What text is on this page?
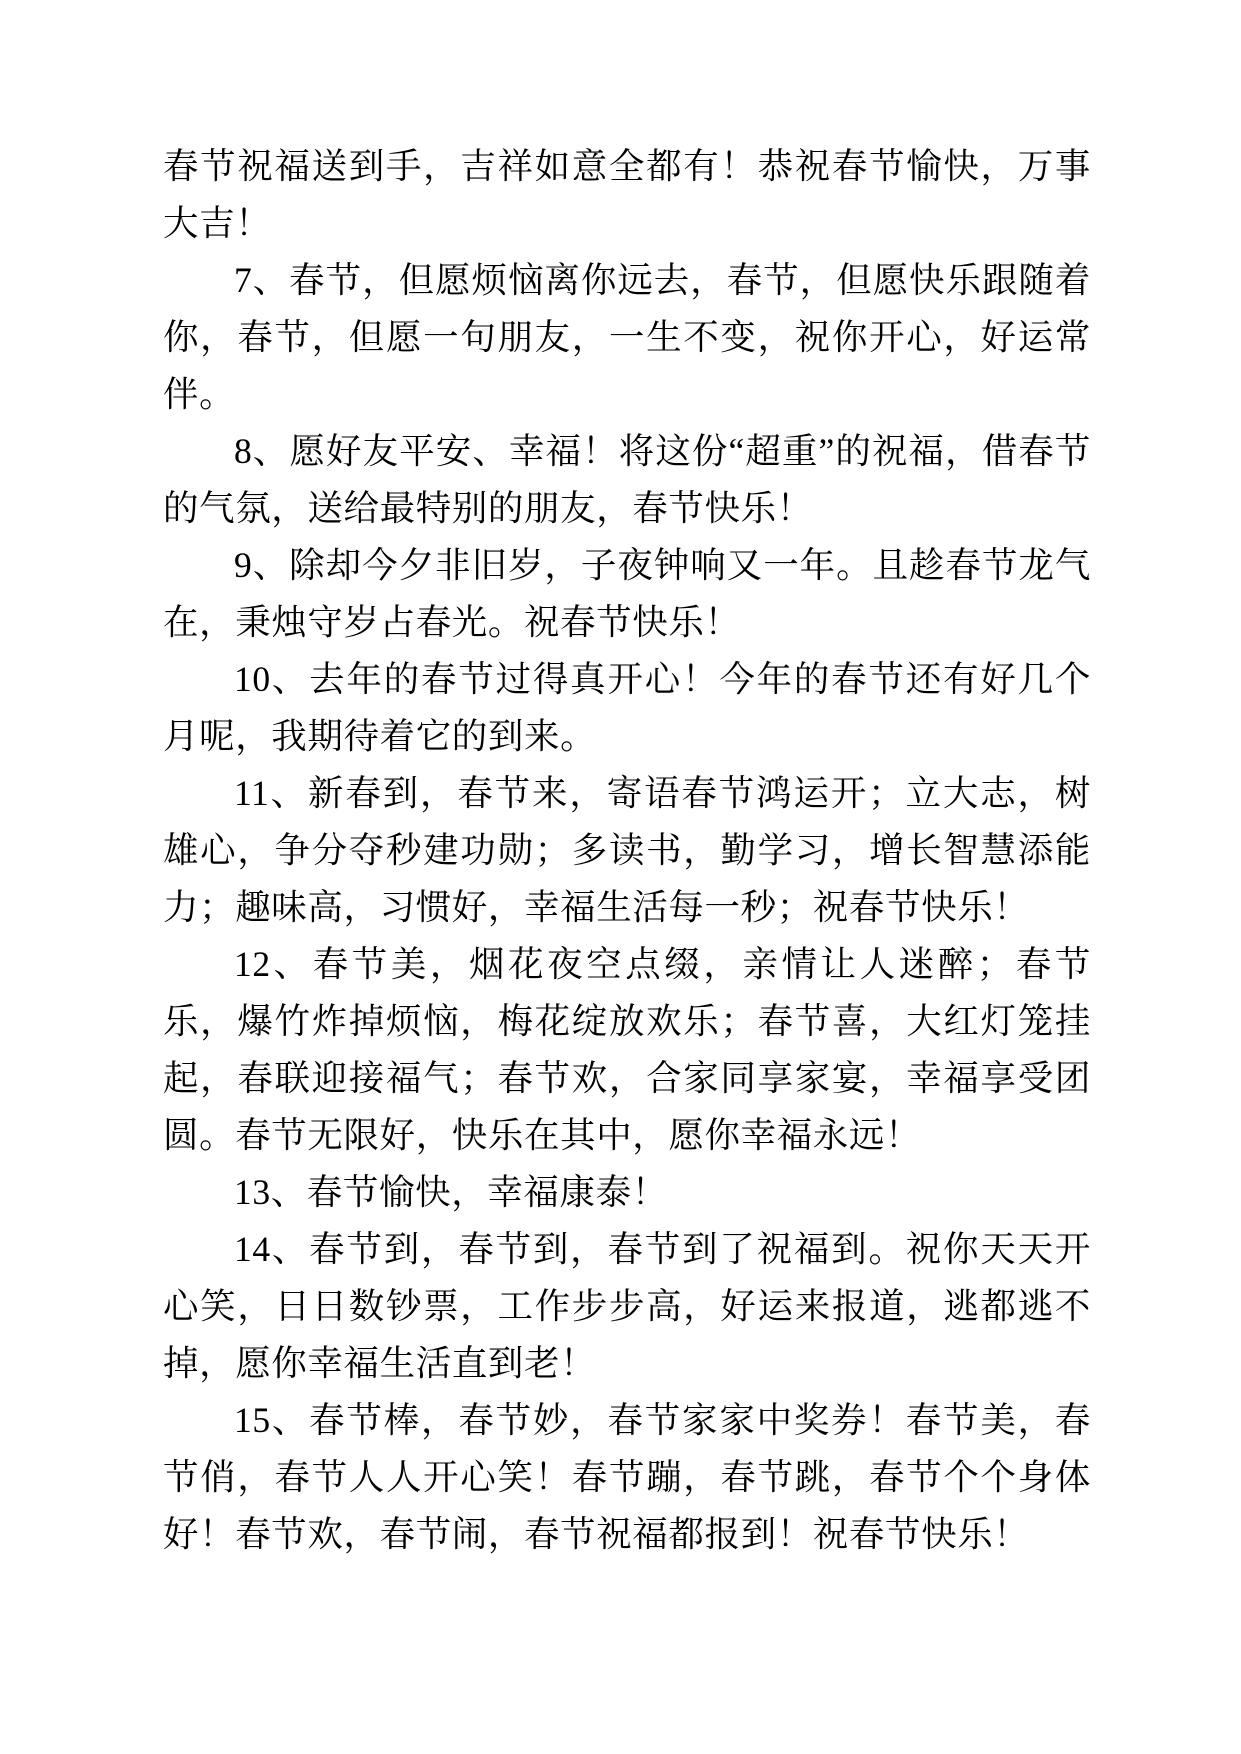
春节祝福送到手，吉祥如意全都有！恭祝春节愉快，万事大吉！

7、春节，但愿烦恼离你远去，春节，但愿快乐跟随着你，春节，但愿一句朋友，一生不变，祝你开心，好运常伴。

8、愿好友平安、幸福！将这份“超重”的祝福，借春节的气氛，送给最特别的朋友，春节快乐！

9、除却今夕非旧岁，子夜钟响又一年。且趁春节龙气在，秉烛守岁占春光。祝春节快乐！

10、去年的春节过得真开心！今年的春节还有好几个月呢，我期待着它的到来。

11、新春到，春节来，寄语春节鸿运开；立大志，树雄心，争分夺秒建功勋；多读书，勤学习，增长智慧添能力；趣味高，习惯好，幸福生活每一秒；祝春节快乐！

12、春节美，烟花夜空点缀，亲情让人迷醉；春节乐，爆竹炸掉烦恼，梅花绽放欢乐；春节喜，大红灯笼挂起，春联迎接福气；春节欢，合家同享家宴，幸福享受团圆。春节无限好，快乐在其中，愿你幸福永远！

13、春节愉快，幸福康泰！

14、春节到，春节到，春节到了祝福到。祝你天天开心笑，日日数钞票，工作步步高，好运来报道，逃都逃不掉，愿你幸福生活直到老！

15、春节棒，春节妙，春节家家中奖券！春节美，春节俏，春节人人开心笑！春节蹦，春节跳，春节个个身体好！春节欢，春节闹，春节祝福都报到！祝春节快乐！
